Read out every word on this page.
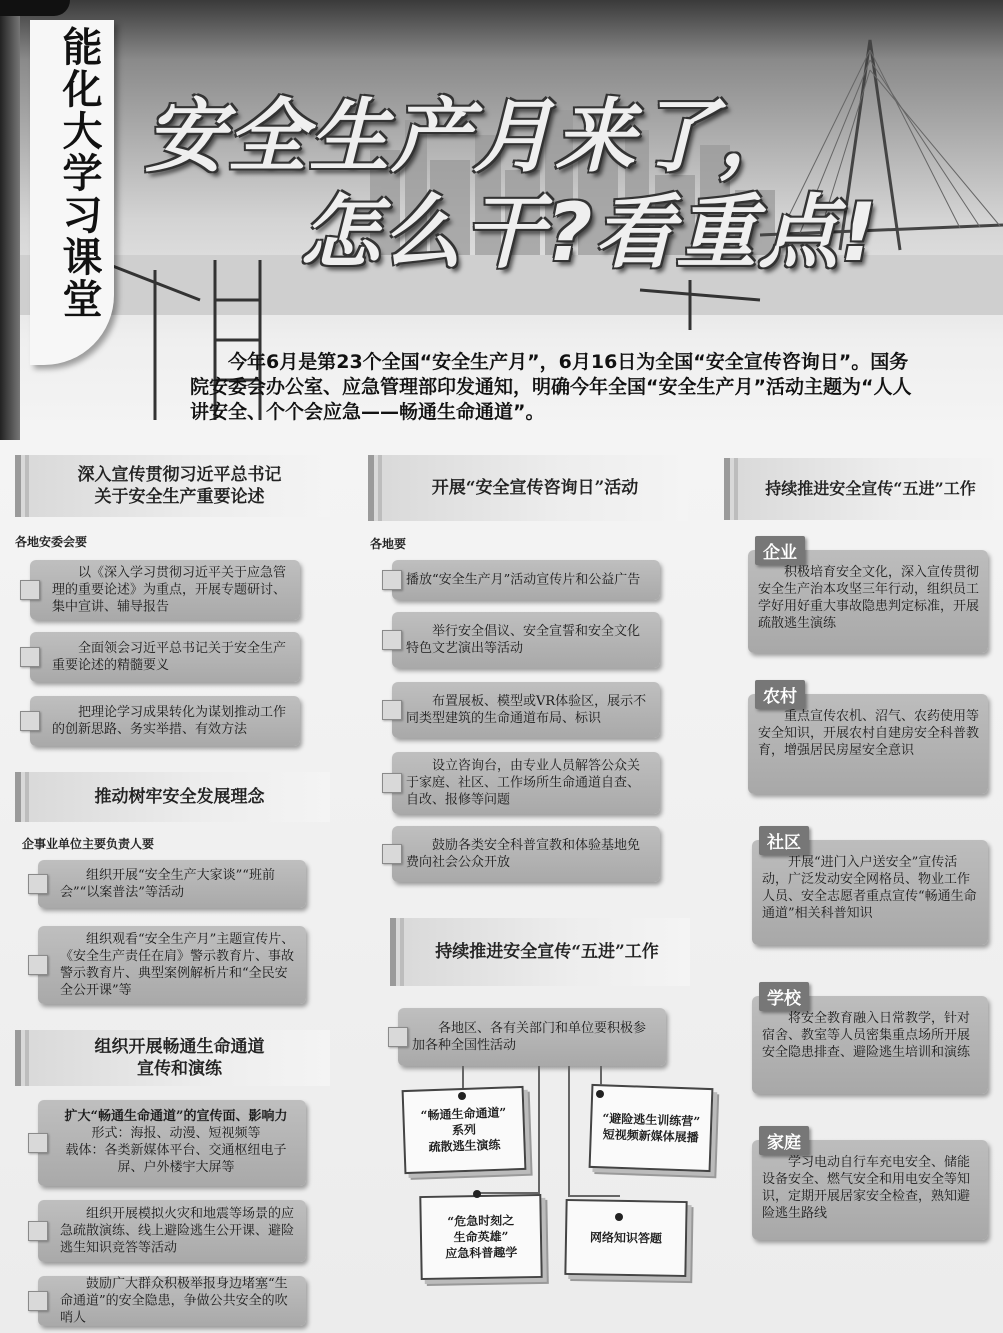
能化大学习课堂 安全生产月来了，
怎么干?看重点!
今年6月是第23个全国“安全生产月”，6月16日为全国“安全宣传咨询日”。国务院安委会办公室、应急管理部印发通知，明确今年全国“安全生产月”活动主题为“人人讲安全、个个会应急——畅通生命通道”。
深入宣传贯彻习近平总书记
关于安全生产重要论述
各地安委会要
以《深入学习贯彻习近平关于应急管理的重要论述》为重点，开展专题研讨、集中宣讲、辅导报告
全面领会习近平总书记关于安全生产重要论述的精髓要义
把理论学习成果转化为谋划推动工作的创新思路、务实举措、有效方法
推动树牢安全发展理念
企事业单位主要负责人要
组织开展“安全生产大家谈”“班前会”“以案普法”等活动
组织观看“安全生产月”主题宣传片、《安全生产责任在肩》警示教育片、事故警示教育片、典型案例解析片和“全民安全公开课”等
组织开展畅通生命通道
宣传和演练
扩大“畅通生命通道”的宣传面、影响力
形式：海报、动漫、短视频等
载体：各类新媒体平台、交通枢纽电子屏、户外楼宇大屏等
组织开展模拟火灾和地震等场景的应急疏散演练、线上避险逃生公开课、避险逃生知识竞答等活动
鼓励广大群众积极举报身边堵塞“生命通道”的安全隐患，争做公共安全的吹哨人
开展“安全宣传咨询日”活动
各地要
播放“安全生产月”活动宣传片和公益广告
举行安全倡议、安全宣誓和安全文化特色文艺演出等活动
布置展板、模型或VR体验区，展示不同类型建筑的生命通道布局、标识
设立咨询台，由专业人员解答公众关于家庭、社区、工作场所生命通道自查、自改、报修等问题
鼓励各类安全科普宣教和体验基地免费向社会公众开放
持续推进安全宣传“五进”工作
各地区、各有关部门和单位要积极参加各种全国性活动
“畅通生命通道”
系列
疏散逃生演练
“避险逃生训练营”
短视频新媒体展播
“危急时刻之
生命英雄”
应急科普趣学
网络知识答题
持续推进安全宣传“五进”工作
积极培育安全文化，深入宣传贯彻安全生产治本攻坚三年行动，组织员工学好用好重大事故隐患判定标准，开展疏散逃生演练
企业
重点宣传农机、沼气、农药使用等安全知识，开展农村自建房安全科普教育，增强居民房屋安全意识
农村
开展“进门入户送安全”宣传活动，广泛发动安全网格员、物业工作人员、安全志愿者重点宣传“畅通生命通道”相关科普知识
社区
将安全教育融入日常教学，针对宿舍、教室等人员密集重点场所开展安全隐患排查、避险逃生培训和演练
学校
学习电动自行车充电安全、储能设备安全、燃气安全和用电安全等知识，定期开展居家安全检查，熟知避险逃生路线
家庭
